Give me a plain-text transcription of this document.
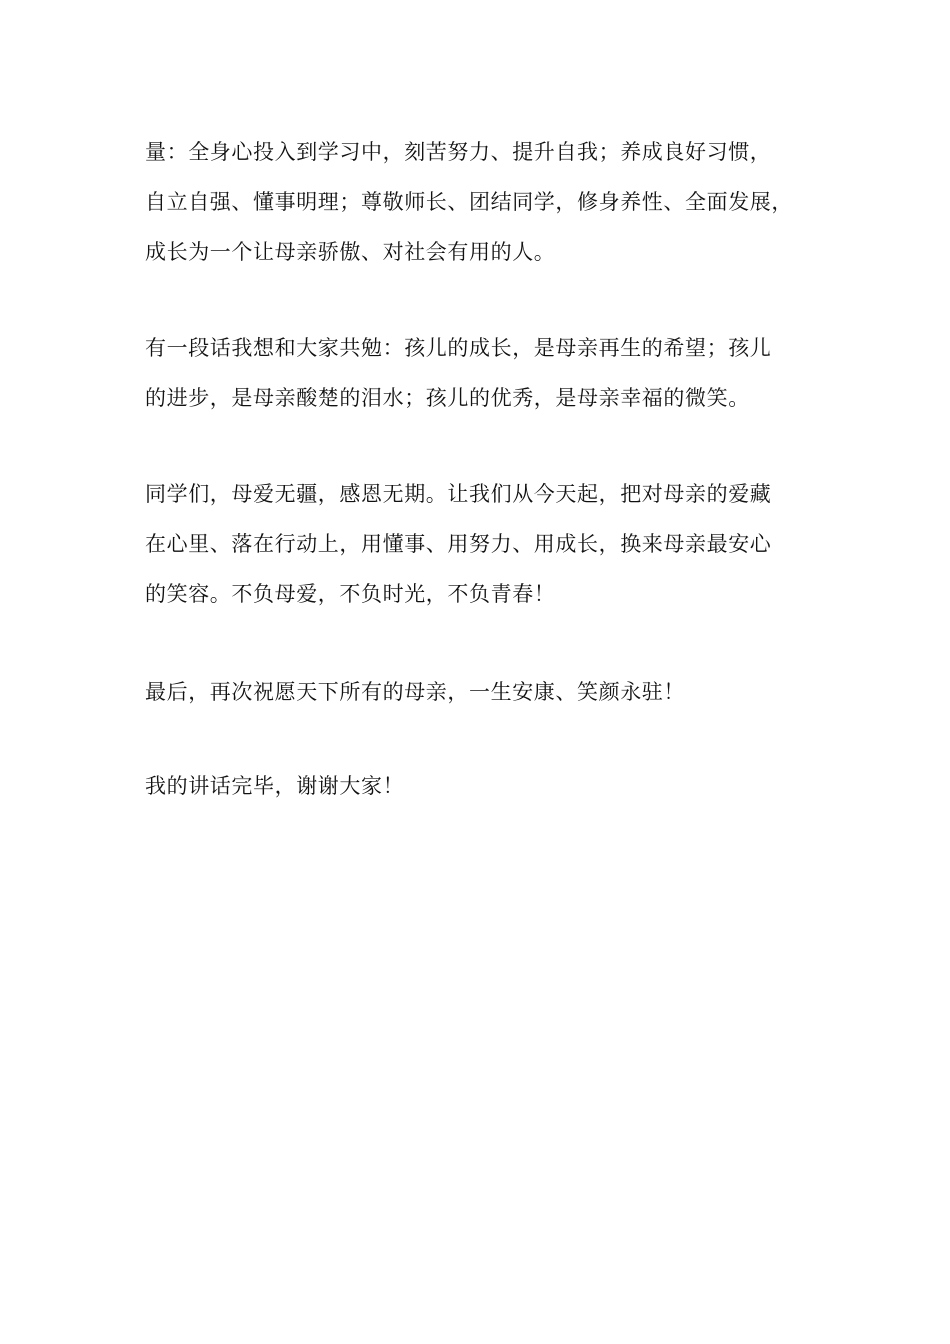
量：全身心投入到学习中，刻苦努力、提升自我；养成良好习惯，
自立自强、懂事明理；尊敬师长、团结同学，修身养性、全面发展，
成长为一个让母亲骄傲、对社会有用的人。
有一段话我想和大家共勉：孩儿的成长，是母亲再生的希望；孩儿
的进步，是母亲酸楚的泪水；孩儿的优秀，是母亲幸福的微笑。
同学们，母爱无疆，感恩无期。让我们从今天起，把对母亲的爱藏
在心里、落在行动上，用懂事、用努力、用成长，换来母亲最安心
的笑容。不负母爱，不负时光，不负青春！
最后，再次祝愿天下所有的母亲，一生安康、笑颜永驻！
我的讲话完毕，谢谢大家！
